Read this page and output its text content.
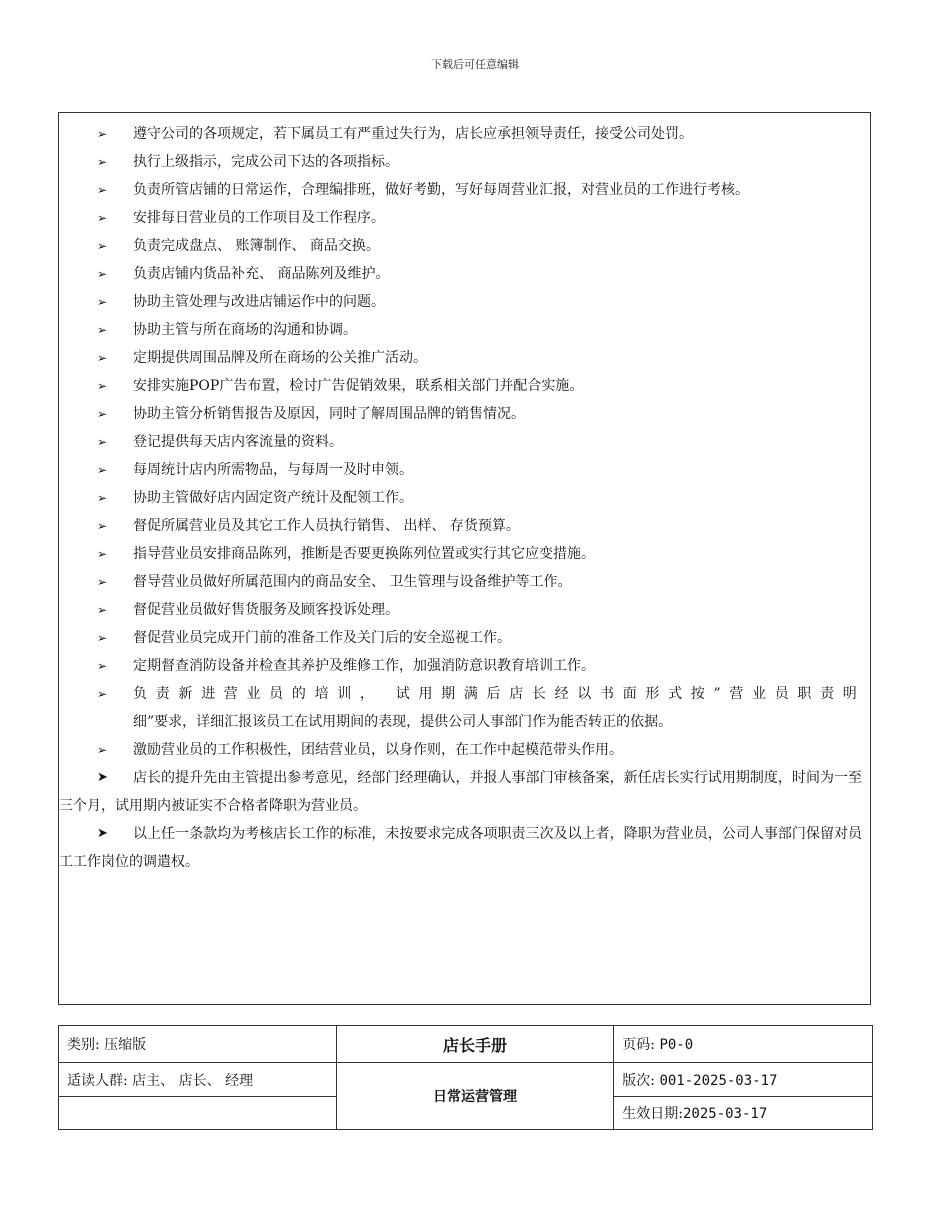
下载后可任意编辑
➢ 遵守公司的各项规定，若下属员工有严重过失行为，店长应承担领导责任，接受公司处罚。
➢ 执行上级指示，完成公司下达的各项指标。
➢ 负责所管店铺的日常运作，合理编排班，做好考勤，写好每周营业汇报，对营业员的工作进行考核。
➢ 安排每日营业员的工作项目及工作程序。
➢ 负责完成盘点、 账簿制作、 商品交换。
➢ 负责店铺内货品补充、 商品陈列及维护。
➢ 协助主管处理与改进店铺运作中的问题。
➢ 协助主管与所在商场的沟通和协调。
➢ 定期提供周围品牌及所在商场的公关推广活动。
➢ 安排实施POP广告布置，检讨广告促销效果，联系相关部门并配合实施。
➢ 协助主管分析销售报告及原因，同时了解周围品牌的销售情况。
➢ 登记提供每天店内客流量的资料。
➢ 每周统计店内所需物品，与每周一及时申领。
➢ 协助主管做好店内固定资产统计及配领工作。
➢ 督促所属营业员及其它工作人员执行销售、 出样、 存货预算。
➢ 指导营业员安排商品陈列，推断是否要更换陈列位置或实行其它应变措施。
➢ 督导营业员做好所属范围内的商品安全、 卫生管理与设备维护等工作。
➢ 督促营业员做好售货服务及顾客投诉处理。
➢ 督促营业员完成开门前的准备工作及关门后的安全巡视工作。
➢ 定期督查消防设备并检查其养护及维修工作，加强消防意识教育培训工作。
➢ 负责新进营业员的培训， 试用期满后店长经以书面形式按”营业员职责明
细”要求，详细汇报该员工在试用期间的表现，提供公司人事部门作为能否转正的依据。
➢ 激励营业员的工作积极性，团结营业员，以身作则，在工作中起模范带头作用。
➤	店长的提升先由主管提出参考意见，经部门经理确认，并报人事部门审核备案，新任店长实行试用期制度，时间为一至三个月，试用期内被证实不合格者降职为营业员。
➤	以上任一条款均为考核店长工作的标准，未按要求完成各项职责三次及以上者，降职为营业员，公司人事部门保留对员工工作岗位的调遣权。
类别: 压缩版	店长手册	页码: P0-0
适读人群: 店主、 店长、 经理	日常运营管理	版次: 001-2025-03-17
		生效日期:2025-03-17
